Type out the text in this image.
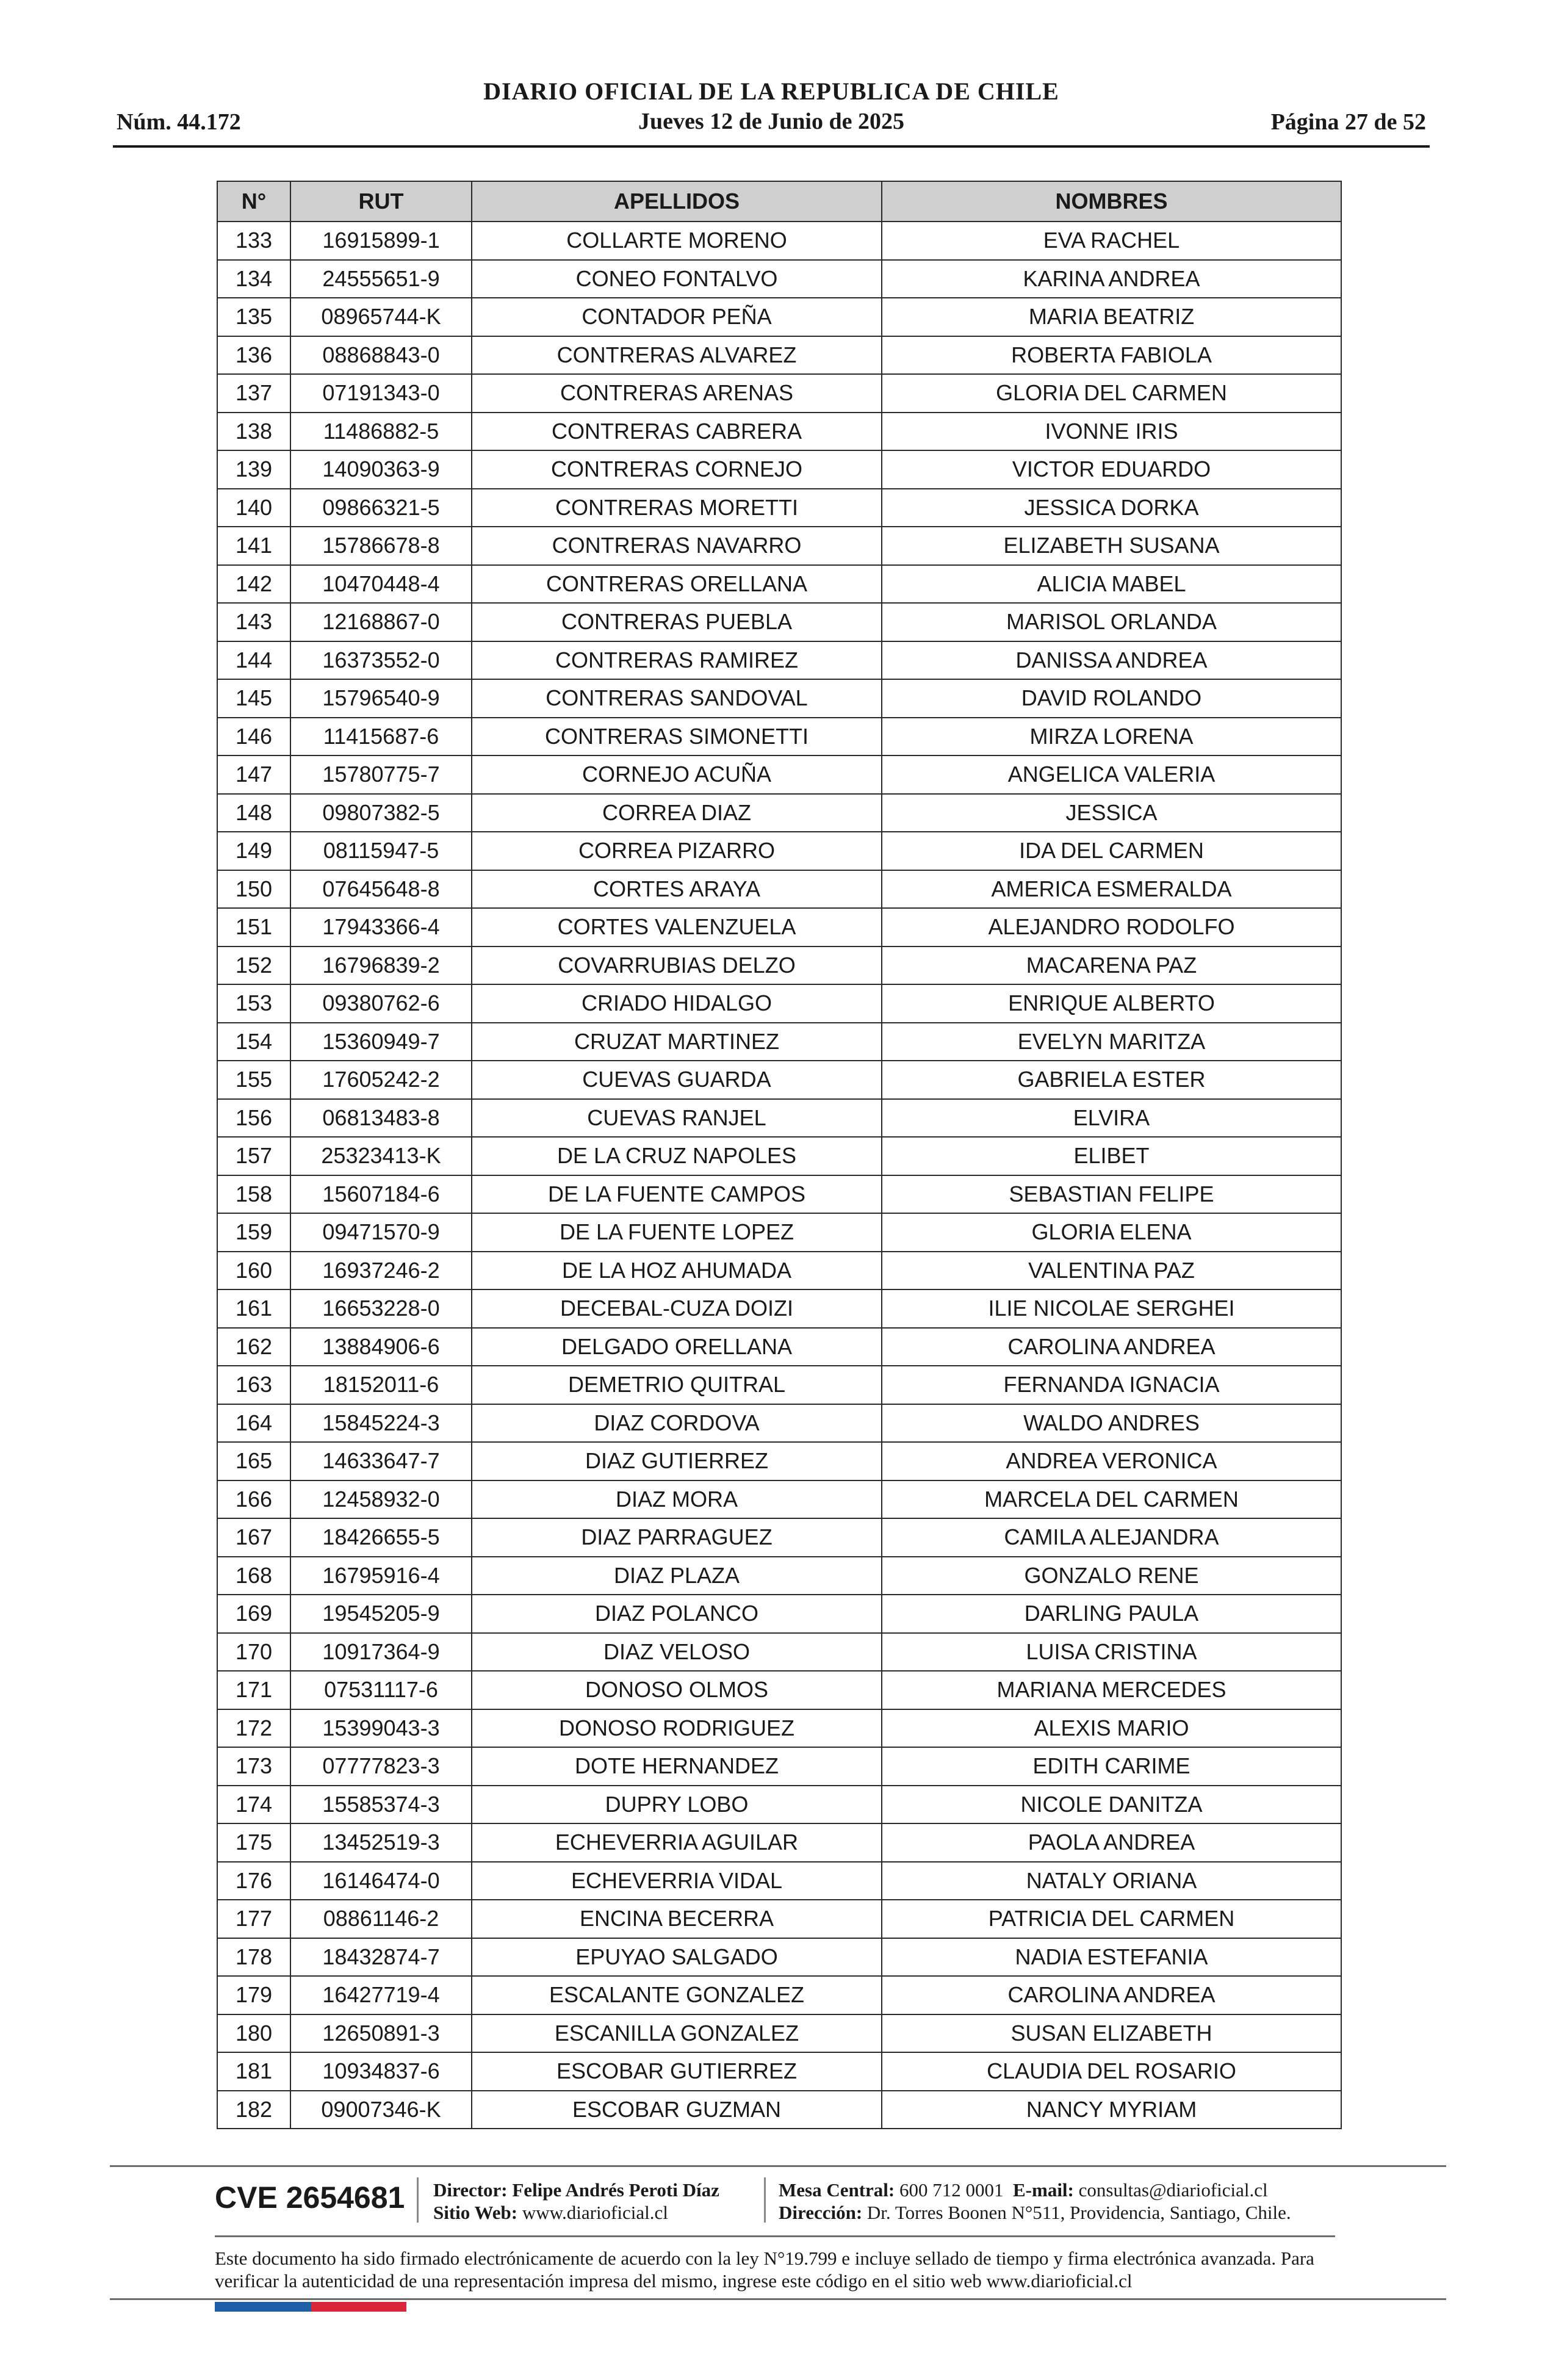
DIARIO OFICIAL DE LA REPUBLICA DE CHILE
Jueves 12 de Junio de 2025
Núm. 44.172	Página 27 de 52
N°	RUT	APELLIDOS	NOMBRES
133	16915899-1	COLLARTE MORENO	EVA RACHEL
134	24555651-9	CONEO FONTALVO	KARINA ANDREA
135	08965744-K	CONTADOR PEÑA	MARIA BEATRIZ
136	08868843-0	CONTRERAS ALVAREZ	ROBERTA FABIOLA
137	07191343-0	CONTRERAS ARENAS	GLORIA DEL CARMEN
138	11486882-5	CONTRERAS CABRERA	IVONNE IRIS
139	14090363-9	CONTRERAS CORNEJO	VICTOR EDUARDO
140	09866321-5	CONTRERAS MORETTI	JESSICA DORKA
141	15786678-8	CONTRERAS NAVARRO	ELIZABETH SUSANA
142	10470448-4	CONTRERAS ORELLANA	ALICIA MABEL
143	12168867-0	CONTRERAS PUEBLA	MARISOL ORLANDA
144	16373552-0	CONTRERAS RAMIREZ	DANISSA ANDREA
145	15796540-9	CONTRERAS SANDOVAL	DAVID ROLANDO
146	11415687-6	CONTRERAS SIMONETTI	MIRZA LORENA
147	15780775-7	CORNEJO ACUÑA	ANGELICA VALERIA
148	09807382-5	CORREA DIAZ	JESSICA
149	08115947-5	CORREA PIZARRO	IDA DEL CARMEN
150	07645648-8	CORTES ARAYA	AMERICA ESMERALDA
151	17943366-4	CORTES VALENZUELA	ALEJANDRO RODOLFO
152	16796839-2	COVARRUBIAS DELZO	MACARENA PAZ
153	09380762-6	CRIADO HIDALGO	ENRIQUE ALBERTO
154	15360949-7	CRUZAT MARTINEZ	EVELYN MARITZA
155	17605242-2	CUEVAS GUARDA	GABRIELA ESTER
156	06813483-8	CUEVAS RANJEL	ELVIRA
157	25323413-K	DE LA CRUZ NAPOLES	ELIBET
158	15607184-6	DE LA FUENTE CAMPOS	SEBASTIAN FELIPE
159	09471570-9	DE LA FUENTE LOPEZ	GLORIA ELENA
160	16937246-2	DE LA HOZ AHUMADA	VALENTINA PAZ
161	16653228-0	DECEBAL-CUZA DOIZI	ILIE NICOLAE SERGHEI
162	13884906-6	DELGADO ORELLANA	CAROLINA ANDREA
163	18152011-6	DEMETRIO QUITRAL	FERNANDA IGNACIA
164	15845224-3	DIAZ CORDOVA	WALDO ANDRES
165	14633647-7	DIAZ GUTIERREZ	ANDREA VERONICA
166	12458932-0	DIAZ MORA	MARCELA DEL CARMEN
167	18426655-5	DIAZ PARRAGUEZ	CAMILA ALEJANDRA
168	16795916-4	DIAZ PLAZA	GONZALO RENE
169	19545205-9	DIAZ POLANCO	DARLING PAULA
170	10917364-9	DIAZ VELOSO	LUISA CRISTINA
171	07531117-6	DONOSO OLMOS	MARIANA MERCEDES
172	15399043-3	DONOSO RODRIGUEZ	ALEXIS MARIO
173	07777823-3	DOTE HERNANDEZ	EDITH CARIME
174	15585374-3	DUPRY LOBO	NICOLE DANITZA
175	13452519-3	ECHEVERRIA AGUILAR	PAOLA ANDREA
176	16146474-0	ECHEVERRIA VIDAL	NATALY ORIANA
177	08861146-2	ENCINA BECERRA	PATRICIA DEL CARMEN
178	18432874-7	EPUYAO SALGADO	NADIA ESTEFANIA
179	16427719-4	ESCALANTE GONZALEZ	CAROLINA ANDREA
180	12650891-3	ESCANILLA GONZALEZ	SUSAN ELIZABETH
181	10934837-6	ESCOBAR GUTIERREZ	CLAUDIA DEL ROSARIO
182	09007346-K	ESCOBAR GUZMAN	NANCY MYRIAM
CVE 2654681 Director: Felipe Andrés Peroti Díaz
Sitio Web: www.diarioficial.cl
Mesa Central: 600 712 0001 E-mail: consultas@diarioficial.cl
Dirección: Dr. Torres Boonen N°511, Providencia, Santiago, Chile.
Este documento ha sido firmado electrónicamente de acuerdo con la ley N°19.799 e incluye sellado de tiempo y firma electrónica avanzada. Para verificar la autenticidad de una representación impresa del mismo, ingrese este código en el sitio web www.diarioficial.cl
